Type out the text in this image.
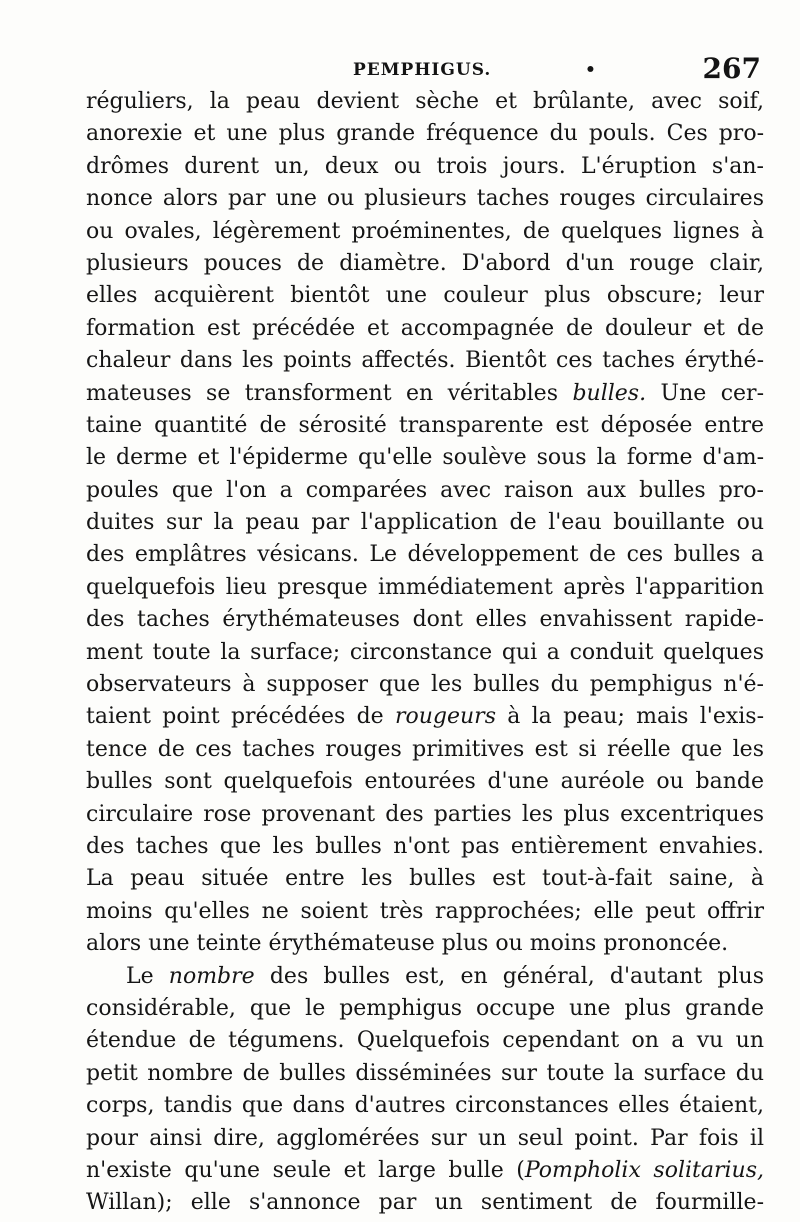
PEMPHIGUS.	•	267
réguliers, la peau devient sèche et brûlante, avec soif,
anorexie et une plus grande fréquence du pouls. Ces pro-
drômes durent un, deux ou trois jours. L'éruption s'an-
nonce alors par une ou plusieurs taches rouges circulaires
ou ovales, légèrement proéminentes, de quelques lignes à
plusieurs pouces de diamètre. D'abord d'un rouge clair,
elles acquièrent bientôt une couleur plus obscure; leur
formation est précédée et accompagnée de douleur et de
chaleur dans les points affectés. Bientôt ces taches érythé-
mateuses se transforment en véritables bulles. Une cer-
taine quantité de sérosité transparente est déposée entre
le derme et l'épiderme qu'elle soulève sous la forme d'am-
poules que l'on a comparées avec raison aux bulles pro-
duites sur la peau par l'application de l'eau bouillante ou
des emplâtres vésicans. Le développement de ces bulles a
quelquefois lieu presque immédiatement après l'apparition
des taches érythémateuses dont elles envahissent rapide-
ment toute la surface; circonstance qui a conduit quelques
observateurs à supposer que les bulles du pemphigus n'é-
taient point précédées de rougeurs à la peau; mais l'exis-
tence de ces taches rouges primitives est si réelle que les
bulles sont quelquefois entourées d'une auréole ou bande
circulaire rose provenant des parties les plus excentriques
des taches que les bulles n'ont pas entièrement envahies.
La peau située entre les bulles est tout-à-fait saine, à
moins qu'elles ne soient très rapprochées; elle peut offrir
alors une teinte érythémateuse plus ou moins prononcée.
Le nombre des bulles est, en général, d'autant plus
considérable, que le pemphigus occupe une plus grande
étendue de tégumens. Quelquefois cependant on a vu un
petit nombre de bulles disséminées sur toute la surface du
corps, tandis que dans d'autres circonstances elles étaient,
pour ainsi dire, agglomérées sur un seul point. Par fois il
n'existe qu'une seule et large bulle (Pompholix solitarius,
Willan); elle s'annonce par un sentiment de fourmille-
